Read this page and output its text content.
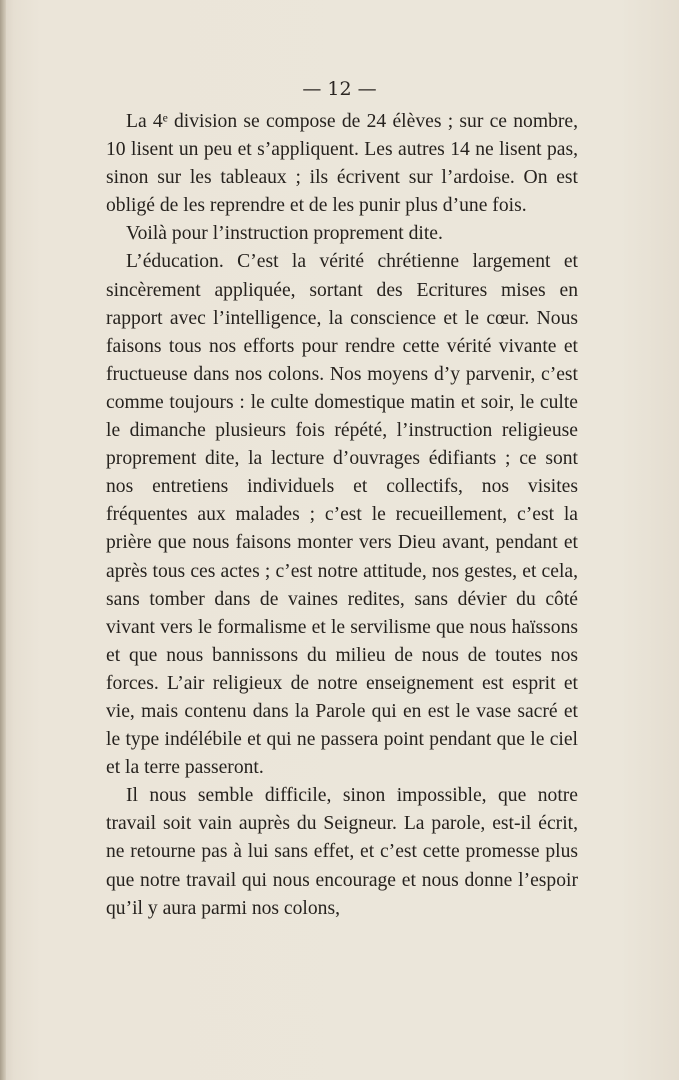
— 12 —

La 4ᵉ division se compose de 24 élèves ; sur ce nombre, 10 lisent un peu et s’appliquent. Les autres 14 ne lisent pas, sinon sur les tableaux ; ils écrivent sur l’ardoise. On est obligé de les reprendre et de les punir plus d’une fois.

Voilà pour l’instruction proprement dite.

L’éducation. C’est la vérité chrétienne largement et sincèrement appliquée, sortant des Ecritures mises en rapport avec l’intelligence, la conscience et le cœur. Nous faisons tous nos efforts pour rendre cette vérité vivante et fructueuse dans nos colons. Nos moyens d’y parvenir, c’est comme toujours : le culte domestique matin et soir, le culte le dimanche plusieurs fois répété, l’instruction religieuse proprement dite, la lecture d’ouvrages édifiants ; ce sont nos entretiens individuels et collectifs, nos visites fréquentes aux malades ; c’est le recueillement, c’est la prière que nous faisons monter vers Dieu avant, pendant et après tous ces actes ; c’est notre attitude, nos gestes, et cela, sans tomber dans de vaines redites, sans dévier du côté vivant vers le formalisme et le servilisme que nous haïssons et que nous bannissons du milieu de nous de toutes nos forces. L’air religieux de notre enseignement est esprit et vie, mais contenu dans la Parole qui en est le vase sacré et le type indélébile et qui ne passera point pendant que le ciel et la terre passeront.

Il nous semble difficile, sinon impossible, que notre travail soit vain auprès du Seigneur. La parole, est-il écrit, ne retourne pas à lui sans effet, et c’est cette promesse plus que notre travail qui nous encourage et nous donne l’espoir qu’il y aura parmi nos colons,
